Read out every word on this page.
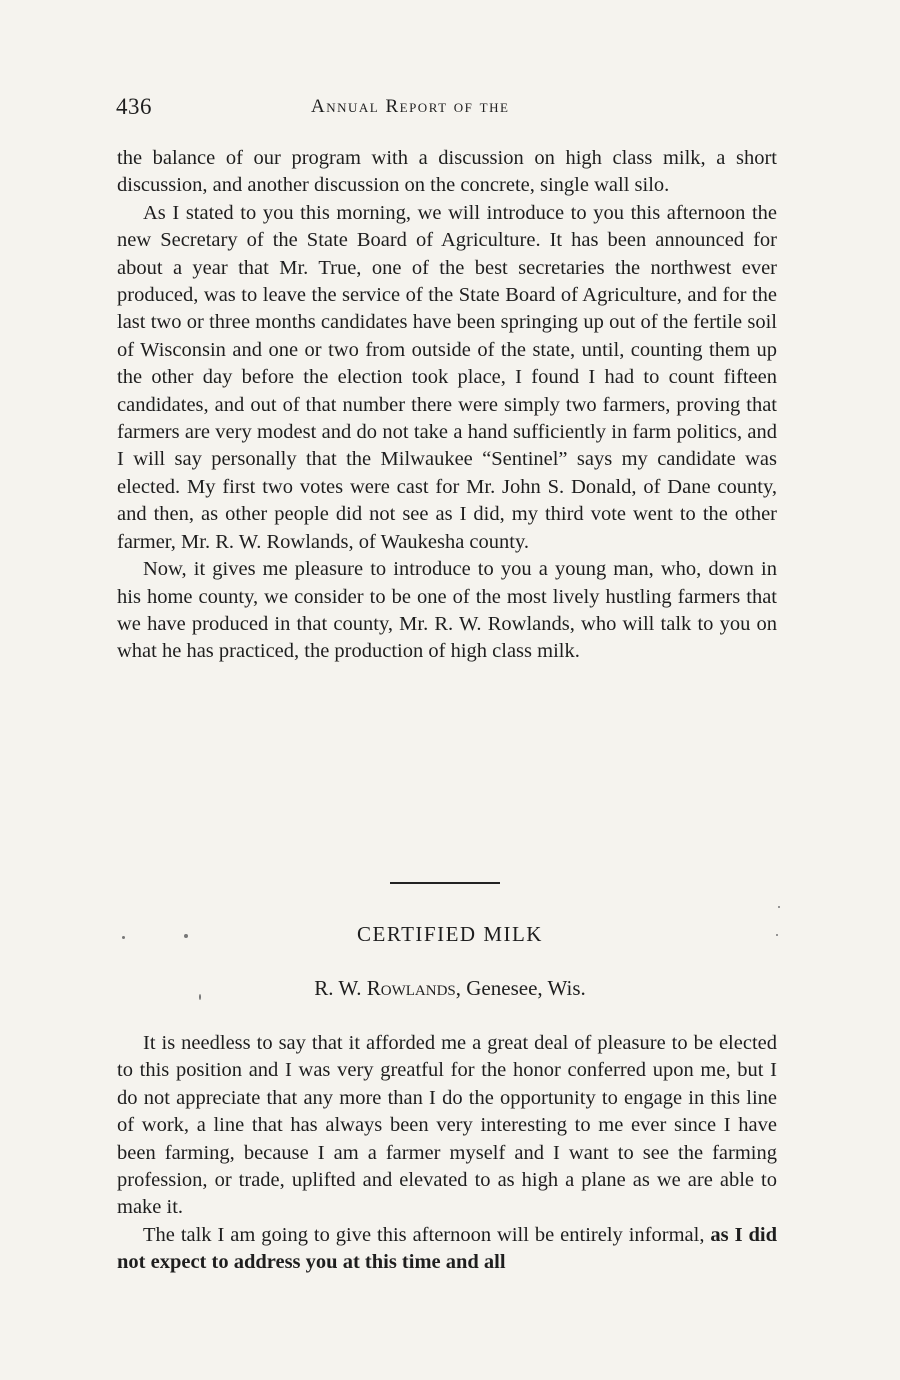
436	Annual Report of the

the balance of our program with a discussion on high class milk, a short discussion, and another discussion on the concrete, single wall silo.

As I stated to you this morning, we will introduce to you this afternoon the new Secretary of the State Board of Agriculture. It has been announced for about a year that Mr. True, one of the best secretaries the northwest ever produced, was to leave the service of the State Board of Agriculture, and for the last two or three months candidates have been springing up out of the fertile soil of Wisconsin and one or two from outside of the state, until, counting them up the other day before the election took place, I found I had to count fifteen candidates, and out of that number there were simply two farmers, proving that farmers are very modest and do not take a hand sufficiently in farm politics, and I will say personally that the Milwaukee “Sentinel” says my candidate was elected. My first two votes were cast for Mr. John S. Donald, of Dane county, and then, as other people did not see as I did, my third vote went to the other farmer, Mr. R. W. Rowlands, of Waukesha county.

Now, it gives me pleasure to introduce to you a young man, who, down in his home county, we consider to be one of the most lively hustling farmers that we have produced in that county, Mr. R. W. Rowlands, who will talk to you on what he has practiced, the production of high class milk.

CERTIFIED MILK
R. W. Rowlands, Genesee, Wis.

It is needless to say that it afforded me a great deal of pleasure to be elected to this position and I was very greatful for the honor conferred upon me, but I do not appreciate that any more than I do the opportunity to engage in this line of work, a line that has always been very interesting to me ever since I have been farming, because I am a farmer myself and I want to see the farming profession, or trade, uplifted and elevated to as high a plane as we are able to make it.

The talk I am going to give this afternoon will be entirely informal, as I did not expect to address you at this time and all
